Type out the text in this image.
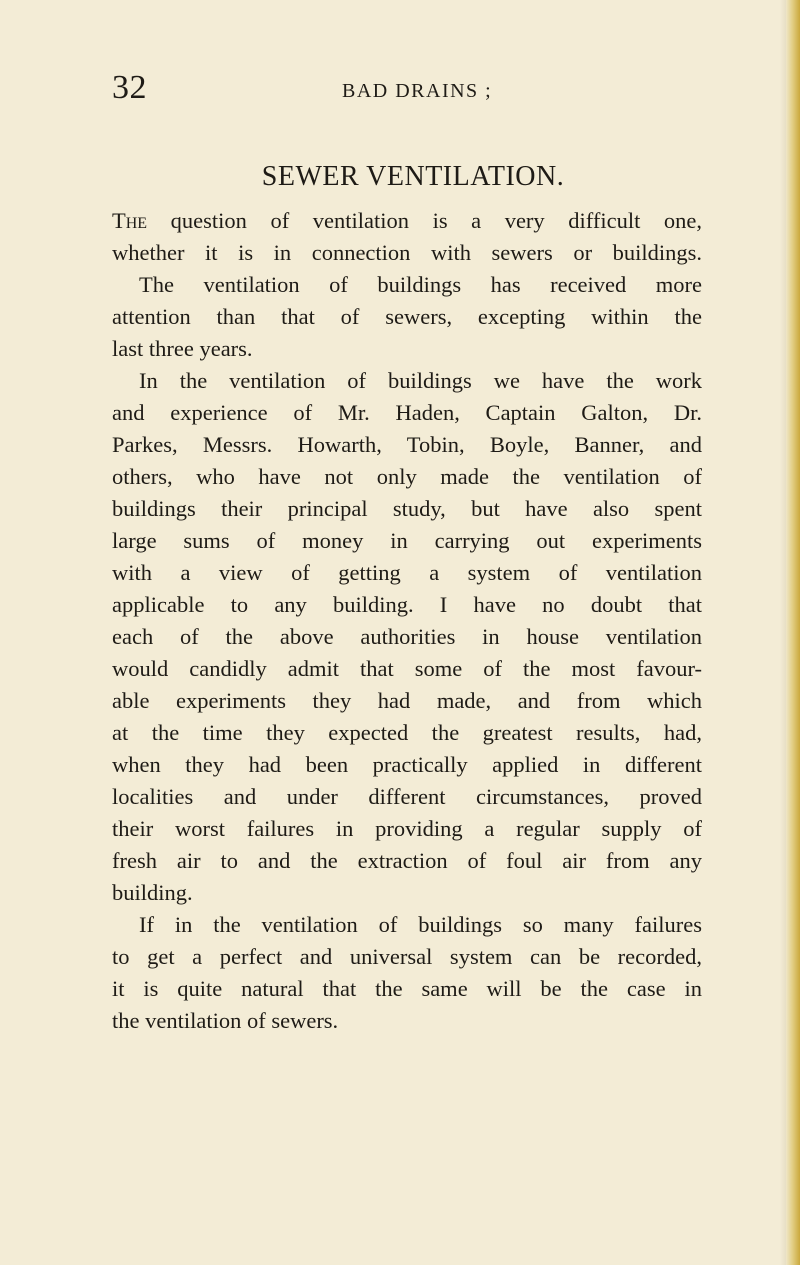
32	BAD DRAINS ;
SEWER VENTILATION.
The question of ventilation is a very difficult one,
whether it is in connection with sewers or buildings.
The ventilation of buildings has received more
attention than that of sewers, excepting within the
last three years.
In the ventilation of buildings we have the work
and experience of Mr. Haden, Captain Galton, Dr.
Parkes, Messrs. Howarth, Tobin, Boyle, Banner, and
others, who have not only made the ventilation of
buildings their principal study, but have also spent
large sums of money in carrying out experiments
with a view of getting a system of ventilation
applicable to any building. I have no doubt that
each of the above authorities in house ventilation
would candidly admit that some of the most favour-
able experiments they had made, and from which
at the time they expected the greatest results, had,
when they had been practically applied in different
localities and under different circumstances, proved
their worst failures in providing a regular supply of
fresh air to and the extraction of foul air from any
building.
If in the ventilation of buildings so many failures
to get a perfect and universal system can be recorded,
it is quite natural that the same will be the case in
the ventilation of sewers.
